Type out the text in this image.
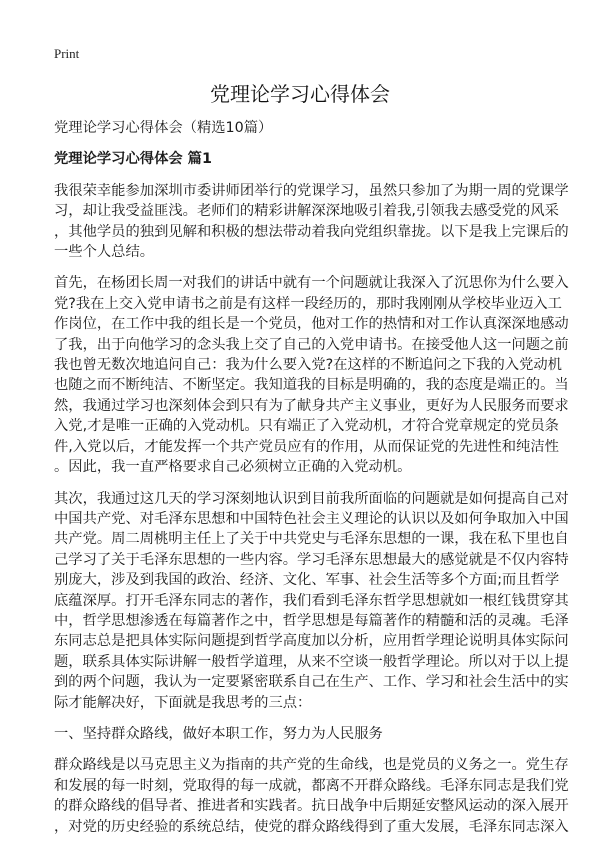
Print
党理论学习心得体会

党理论学习心得体会（精选10篇）

党理论学习心得体会 篇1

我很荣幸能参加深圳市委讲师团举行的党课学习，虽然只参加了为期一周的党课学
习，却让我受益匪浅。老师们的精彩讲解深深地吸引着我,引领我去感受党的风采
，其他学员的独到见解和积极的想法带动着我向党组织靠拢。以下是我上完课后的
一些个人总结。

首先，在杨团长周一对我们的讲话中就有一个问题就让我深入了沉思你为什么要入
党?我在上交入党申请书之前是有这样一段经历的，那时我刚刚从学校毕业迈入工
作岗位，在工作中我的组长是一个党员，他对工作的热情和对工作认真深深地感动
了我，出于向他学习的念头我上交了自己的入党申请书。在接受他人这一问题之前
我也曾无数次地追问自己：我为什么要入党?在这样的不断追问之下我的入党动机
也随之而不断纯洁、不断坚定。我知道我的目标是明确的，我的态度是端正的。当
然，我通过学习也深刻体会到只有为了献身共产主义事业，更好为人民服务而要求
入党,才是唯一正确的入党动机。只有端正了入党动机，才符合党章规定的党员条
件,入党以后，才能发挥一个共产党员应有的作用，从而保证党的先进性和纯洁性
。因此，我一直严格要求自己必须树立正确的入党动机。

其次，我通过这几天的学习深刻地认识到目前我所面临的问题就是如何提高自己对
中国共产党、对毛泽东思想和中国特色社会主义理论的认识以及如何争取加入中国
共产党。周二周桃明主任上了关于中共党史与毛泽东思想的一课，我在私下里也自
己学习了关于毛泽东思想的一些内容。学习毛泽东思想最大的感觉就是不仅内容特
别庞大，涉及到我国的政治、经济、文化、军事、社会生活等多个方面;而且哲学
底蕴深厚。打开毛泽东同志的著作，我们看到毛泽东哲学思想就如一根红钱贯穿其
中，哲学思想渗透在每篇著作之中，哲学思想是每篇著作的精髓和活的灵魂。毛泽
东同志总是把具体实际问题提到哲学高度加以分析，应用哲学理论说明具体实际问
题，联系具体实际讲解一般哲学道理，从来不空谈一般哲学理论。所以对于以上提
到的两个问题，我认为一定要紧密联系自己在生产、工作、学习和社会生活中的实
际才能解决好，下面就是我思考的三点：

一、坚持群众路线，做好本职工作，努力为人民服务

群众路线是以马克思主义为指南的共产党的生命线，也是党员的义务之一。党生存
和发展的每一时刻，党取得的每一成就，都离不开群众路线。毛泽东同志是我们党
的群众路线的倡导者、推进者和实践者。抗日战争中后期延安整风运动的深入展开
，对党的历史经验的系统总结，使党的群众路线得到了重大发展，毛泽东同志深入
